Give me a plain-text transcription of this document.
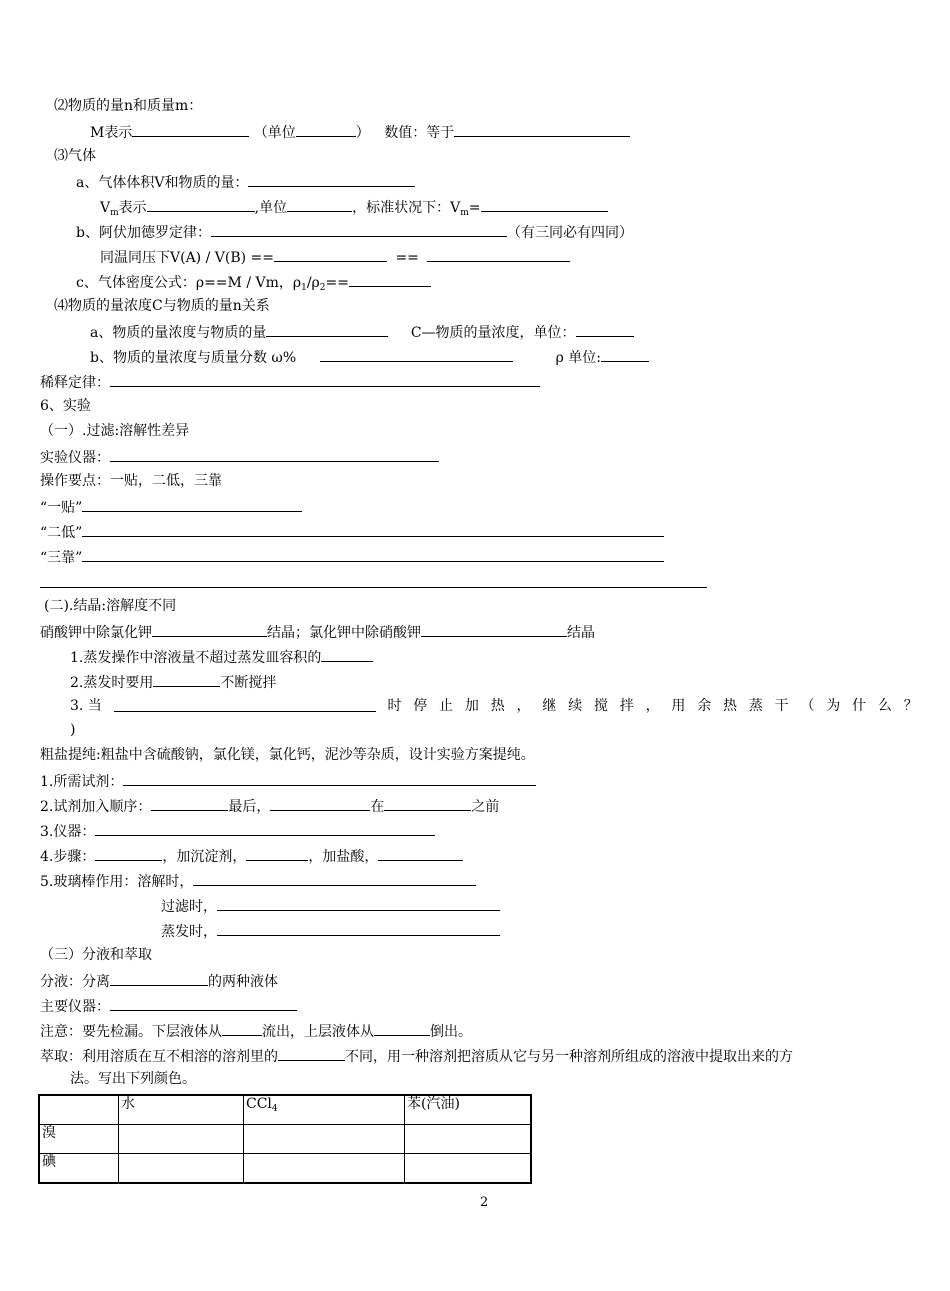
⑵物质的量n和质量m：
M表示	（单位	） 数值：等于
⑶气体
a、气体体积V和物质的量：
$V_m$表示	,单位	，标准状况下：$V_m=$
b、阿伏加德罗定律：	（有三同必有四同）
同温同压下V(A) / V(B) ==	==
c、气体密度公式：ρ==M / Vm，$\rho_1/\rho_2==$
⑷物质的量浓度C与物质的量n关系
a、物质的量浓度与物质的量	C—物质的量浓度，单位：
b、物质的量浓度与质量分数 ω%	ρ 单位:
稀释定律：
6、实验
（一）.过滤:溶解性差异
实验仪器：
操作要点：一贴，二低，三靠
“一贴”
“二低”
“三靠”
(二).结晶:溶解度不同
硝酸钾中除氯化钾	结晶；氯化钾中除硝酸钾	结晶
1.蒸发操作中溶液量不超过蒸发皿容积的
2.蒸发时要用	不断搅拌
3. 当	时 停 止 加 热 ， 继 续 搅 拌 ， 用 余 热 蒸 干 （ 为 什 么 ？
)
粗盐提纯:粗盐中含硫酸钠，氯化镁，氯化钙，泥沙等杂质，设计实验方案提纯。
1.所需试剂：
2.试剂加入顺序：	最后，	在	之前
3.仪器：
4.步骤：	，加沉淀剂，	，加盐酸，
5.玻璃棒作用：溶解时，
过滤时，
蒸发时，
（三）分液和萃取
分液：分离	的两种液体
主要仪器：
注意：要先检漏。下层液体从	流出，上层液体从	倒出。
萃取：利用溶质在互不相溶的溶剂里的	不同，用一种溶剂把溶质从它与另一种溶剂所组成的溶液中提取出来的方
法。写出下列颜色。
	水	CCl$_4$	苯(汽油)
溴			
碘			
2
